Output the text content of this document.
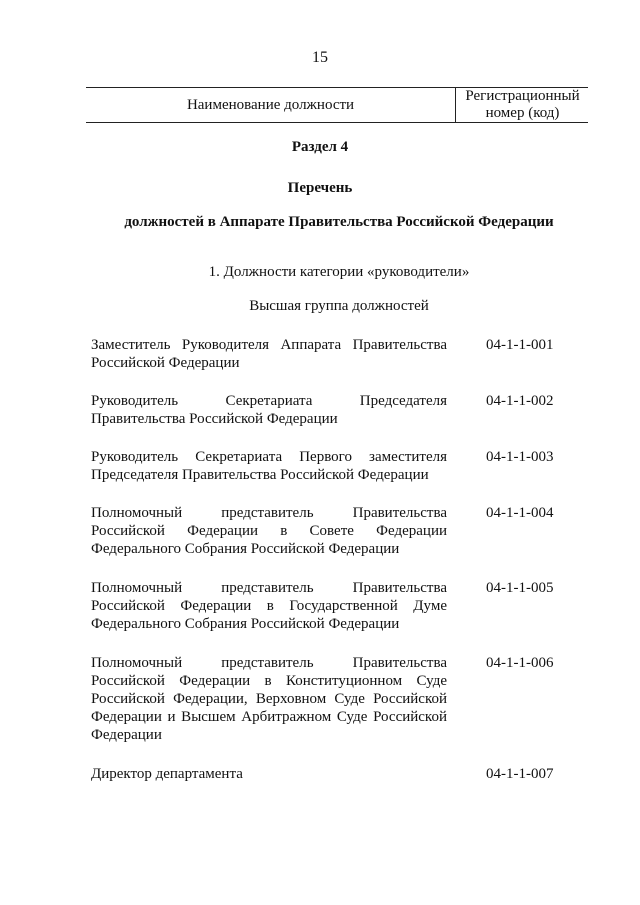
15
Наименование должности
Регистрационный
номер (код)
Раздел 4
Перечень
должностей в Аппарате Правительства Российской Федерации
1. Должности категории «руководители»
Высшая группа должностей
Заместитель Руководителя Аппарата Правительства Российской Федерации
04-1-1-001
Руководитель Секретариата Председателя Правительства Российской Федерации
04-1-1-002
Руководитель Секретариата Первого заместителя Председателя Правительства Российской Федерации
04-1-1-003
Полномочный представитель Правительства Российской Федерации в Совете Федерации Федерального Собрания Российской Федерации
04-1-1-004
Полномочный представитель Правительства Российской Федерации в Государственной Думе Федерального Собрания Российской Федерации
04-1-1-005
Полномочный представитель Правительства Российской Федерации в Конституционном Суде Российской Федерации, Верховном Суде Российской Федерации и Высшем Арбитражном Суде Российской Федерации
04-1-1-006
Директор департамента	04-1-1-007
